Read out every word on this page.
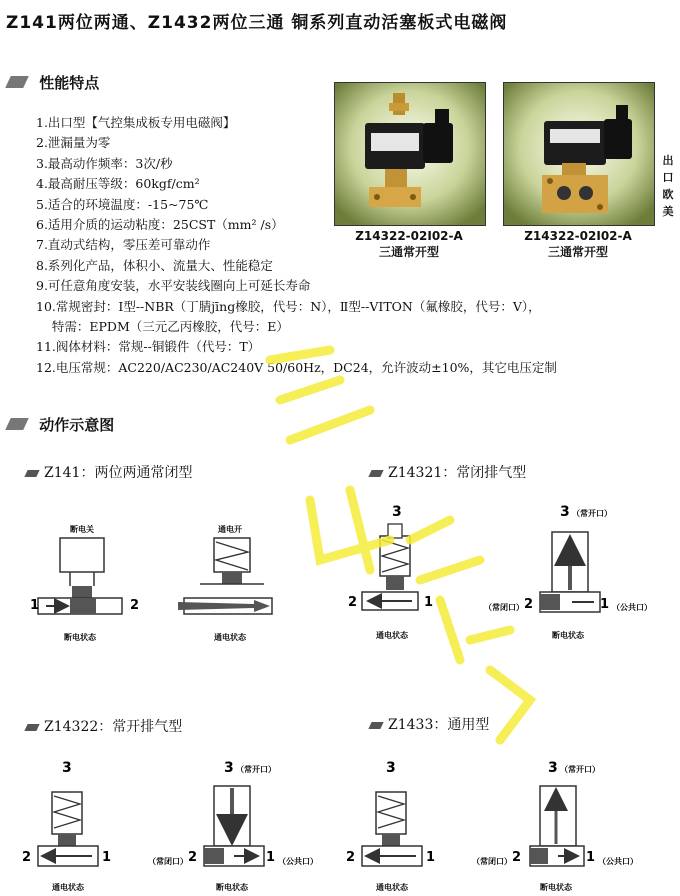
Z141两位两通、Z1432两位三通 铜系列直动活塞板式电磁阀
性能特点
1.出口型【气控集成板专用电磁阀】
2.泄漏量为零
3.最高动作频率：3次/秒
4.最高耐压等级：60kgf/cm²
5.适合的环境温度：-15~75℃
6.适用介质的运动粘度：25CST（mm² /s）
7.直动式结构，零压差可靠动作
8.系列化产品，体积小、流量大、性能稳定
9.可任意角度安装，水平安装线圈向上可延长寿命
10.常规密封：Ⅰ型--NBR（丁腈jīng橡胶，代号：N），Ⅱ型--VITON（氟橡胶，代号：V），
特需：EPDM（三元乙丙橡胶，代号：E）
11.阀体材料：常规--铜锻件（代号：T）
12.电压常规：AC220/AC230/AC240V 50/60Hz，DC24，允许波动±10%，其它电压定制
Z14322-02Ⅰ02-A
三通常开型
Z14322-02Ⅰ02-A
三通常开型
出
口
欧
美
动作示意图
Z141：两位两通常闭型	Z14321：常闭排气型
Z14322：常开排气型	Z1433：通用型
断电关
1	2
断电状态
通电开
通电状态
3
2	1
通电状态
3 （常开口）
（常闭口） 2	1 （公共口）
断电状态
3
2	1
通电状态
3 （常开口）
（常闭口） 2	1 （公共口）
断电状态
3
2	1
通电状态
3 （常开口）
（常闭口） 2	1 （公共口）
断电状态
